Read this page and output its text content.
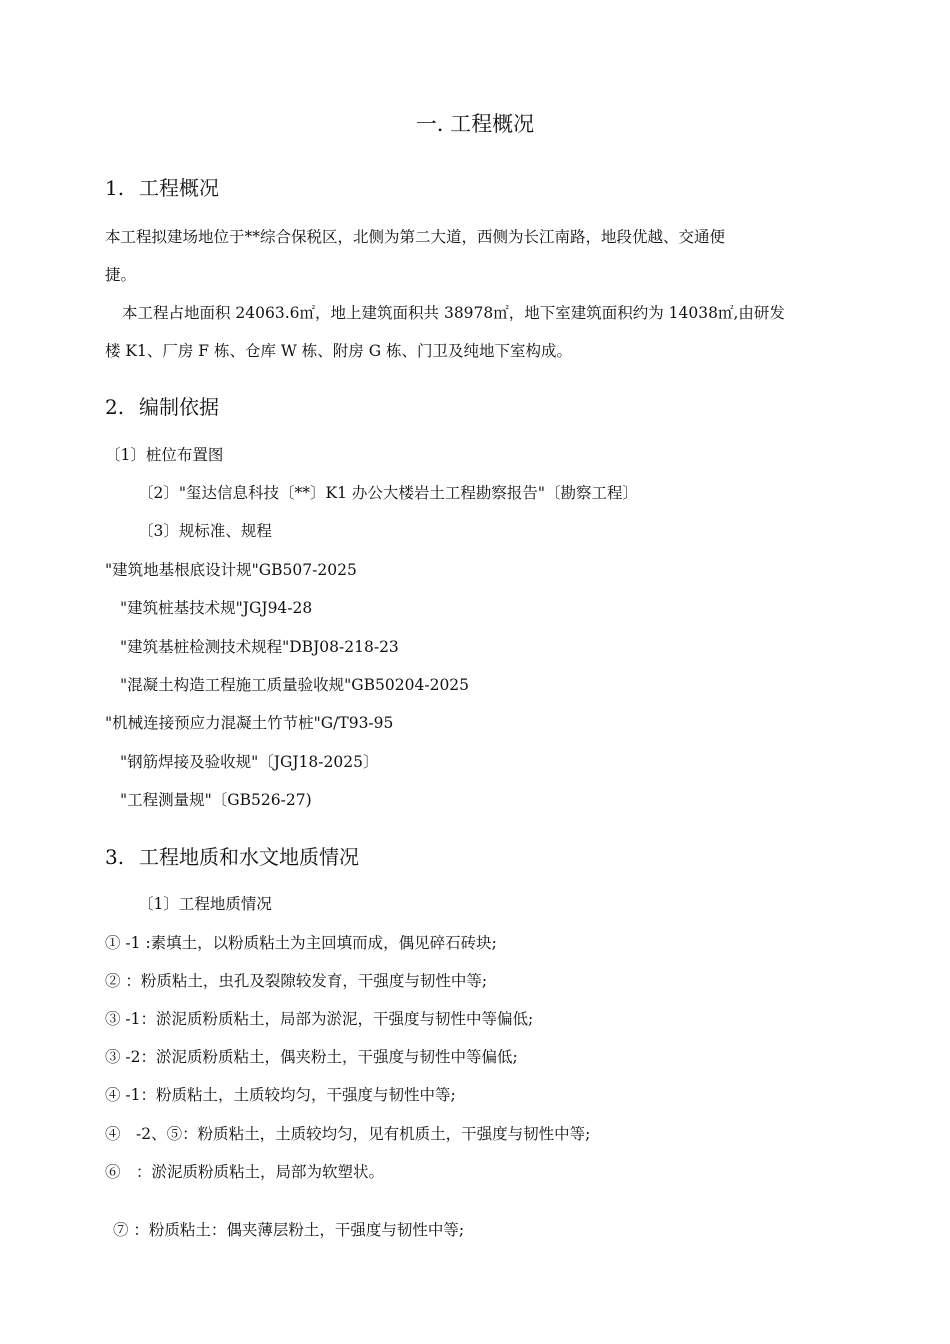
一. 工程概况
1. 工程概况
本工程拟建场地位于**综合保税区，北侧为第二大道，西侧为长江南路，地段优越、交通便
捷。
本工程占地面积 24063.6㎡，地上建筑面积共 38978㎡，地下室建筑面积约为 14038㎡,由研发
楼 K1、厂房 F 栋、仓库 W 栋、附房 G 栋、门卫及纯地下室构成。
2. 编制依据
〔1〕桩位布置图
〔2〕"玺达信息科技〔**〕K1 办公大楼岩土工程勘察报告"〔勘察工程〕
〔3〕规标准、规程
"建筑地基根底设计规"GB507-2025
"建筑桩基技术规"JGJ94-28
"建筑基桩检测技术规程"DBJ08-218-23
"混凝土构造工程施工质量验收规"GB50204-2025
"机械连接预应力混凝土竹节桩"G/T93-95
"钢筋焊接及验收规"〔JGJ18-2025〕
"工程测量规"〔GB526-27)
3. 工程地质和水文地质情况
〔1〕工程地质情况
① -1 :素填土，以粉质粘土为主回填而成，偶见碎石砖块;
② ：粉质粘土，虫孔及裂隙较发育，干强度与韧性中等;
③ -1：淤泥质粉质粘土，局部为淤泥，干强度与韧性中等偏低;
③ -2：淤泥质粉质粘土，偶夹粉土，干强度与韧性中等偏低;
④ -1：粉质粘土，土质较均匀，干强度与韧性中等;
④　-2、⑤：粉质粘土，土质较均匀，见有机质土，干强度与韧性中等;
⑥　：淤泥质粉质粘土，局部为软塑状。
⑦ ：粉质粘土：偶夹薄层粉土，干强度与韧性中等;
